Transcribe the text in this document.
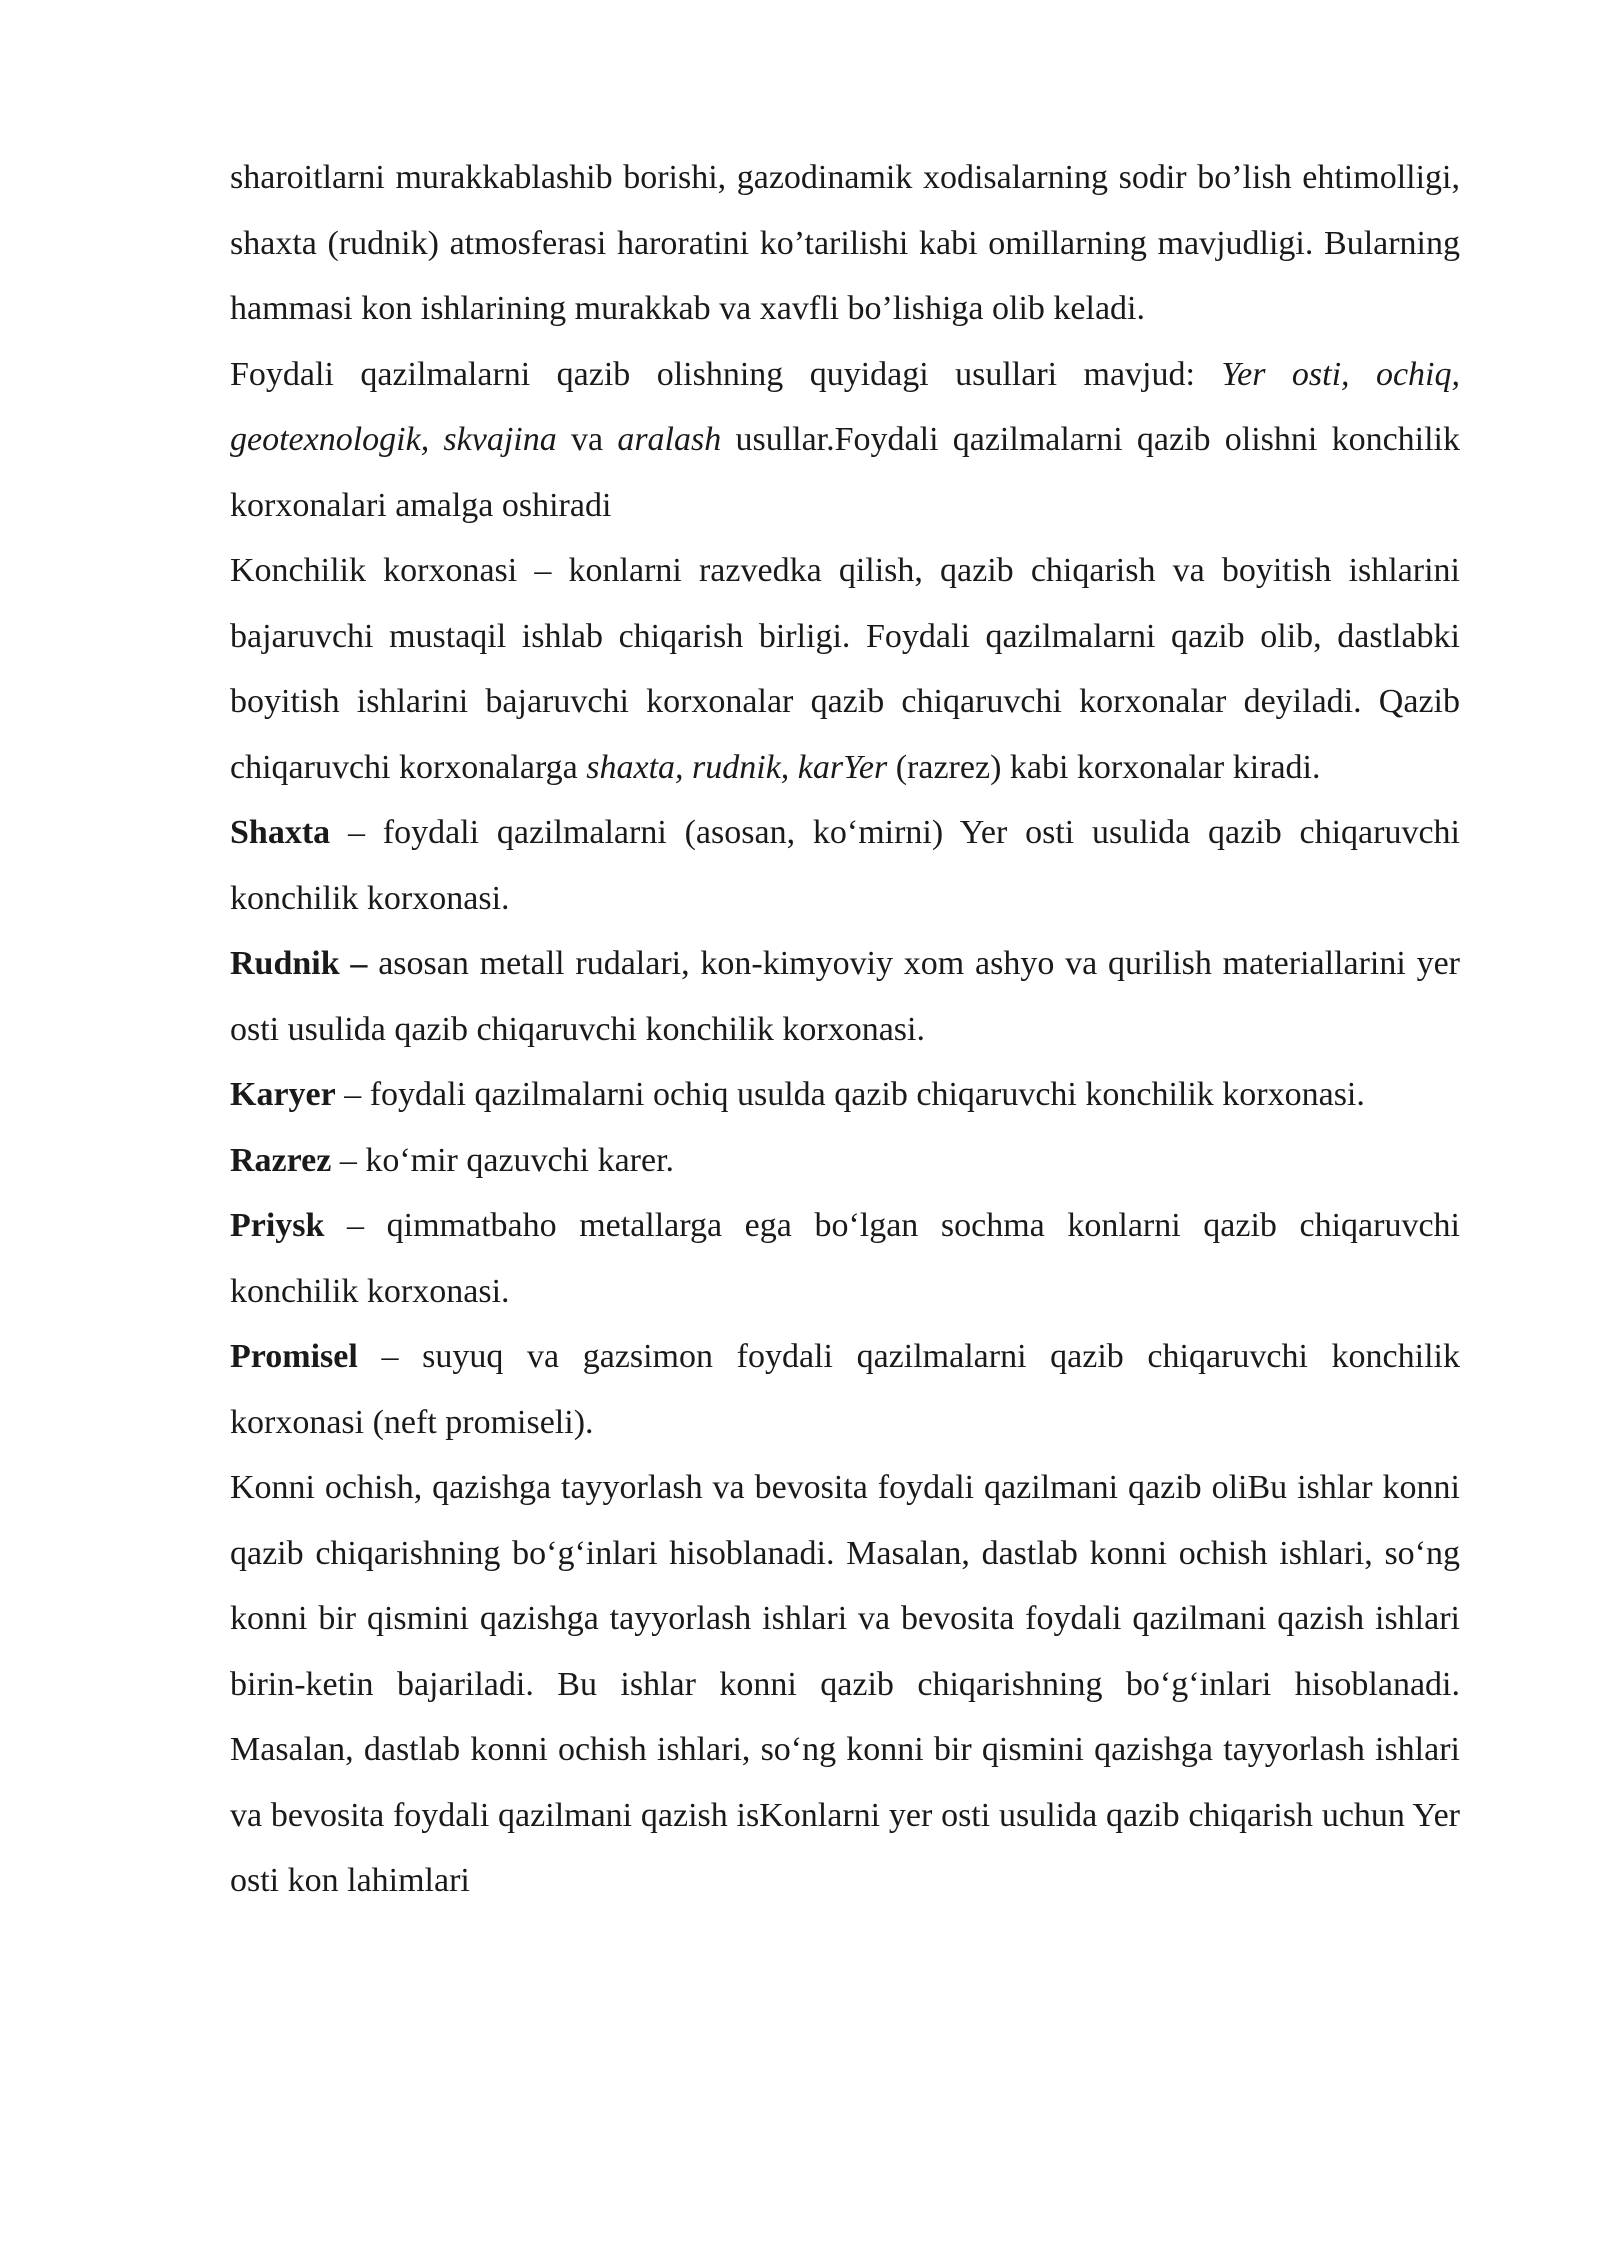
sharoitlarni murakkablashib borishi, gazodinamik xodisalarning sodir bo’lish ehtimolligi, shaxta (rudnik) atmosferasi haroratini ko’tarilishi kabi omillarning mavjudligi. Bularning hammasi kon ishlarining murakkab va xavfli bo’lishiga olib keladi.

Foydali qazilmalarni qazib olishning quyidagi usullari mavjud: Yer osti, ochiq, geotexnologik, skvajina va aralash usullar.Foydali qazilmalarni qazib olishni konchilik korxonalari amalga oshiradi

Konchilik korxonasi – konlarni razvedka qilish, qazib chiqarish va boyitish ishlarini bajaruvchi mustaqil ishlab chiqarish birligi. Foydali qazilmalarni qazib olib, dastlabki boyitish ishlarini bajaruvchi korxonalar qazib chiqaruvchi korxonalar deyiladi. Qazib chiqaruvchi korxonalarga shaxta, rudnik, karYer (razrez) kabi korxonalar kiradi.

Shaxta – foydali qazilmalarni (asosan, ko‘mirni) Yer osti usulida qazib chiqaruvchi konchilik korxonasi.

Rudnik – asosan metall rudalari, kon-kimyoviy xom ashyo va qurilish materiallarini yer osti usulida qazib chiqaruvchi konchilik korxonasi.

Karyer – foydali qazilmalarni ochiq usulda qazib chiqaruvchi konchilik korxonasi.

Razrez – ko‘mir qazuvchi karer.

Priysk – qimmatbaho metallarga ega bo‘lgan sochma konlarni qazib chiqaruvchi konchilik korxonasi.

Promisel – suyuq va gazsimon foydali qazilmalarni qazib chiqaruvchi konchilik korxonasi (neft promiseli).

Konni ochish, qazishga tayyorlash va bevosita foydali qazilmani qazib oliBu ishlar konni qazib chiqarishning bo‘g‘inlari hisoblanadi. Masalan, dastlab konni ochish ishlari, so‘ng konni bir qismini qazishga tayyorlash ishlari va bevosita foydali qazilmani qazish ishlari birin-ketin bajariladi. Bu ishlar konni qazib chiqarishning bo‘g‘inlari hisoblanadi. Masalan, dastlab konni ochish ishlari, so‘ng konni bir qismini qazishga tayyorlash ishlari va bevosita foydali qazilmani qazish isKonlarni yer osti usulida qazib chiqarish uchun Yer osti kon lahimlari
